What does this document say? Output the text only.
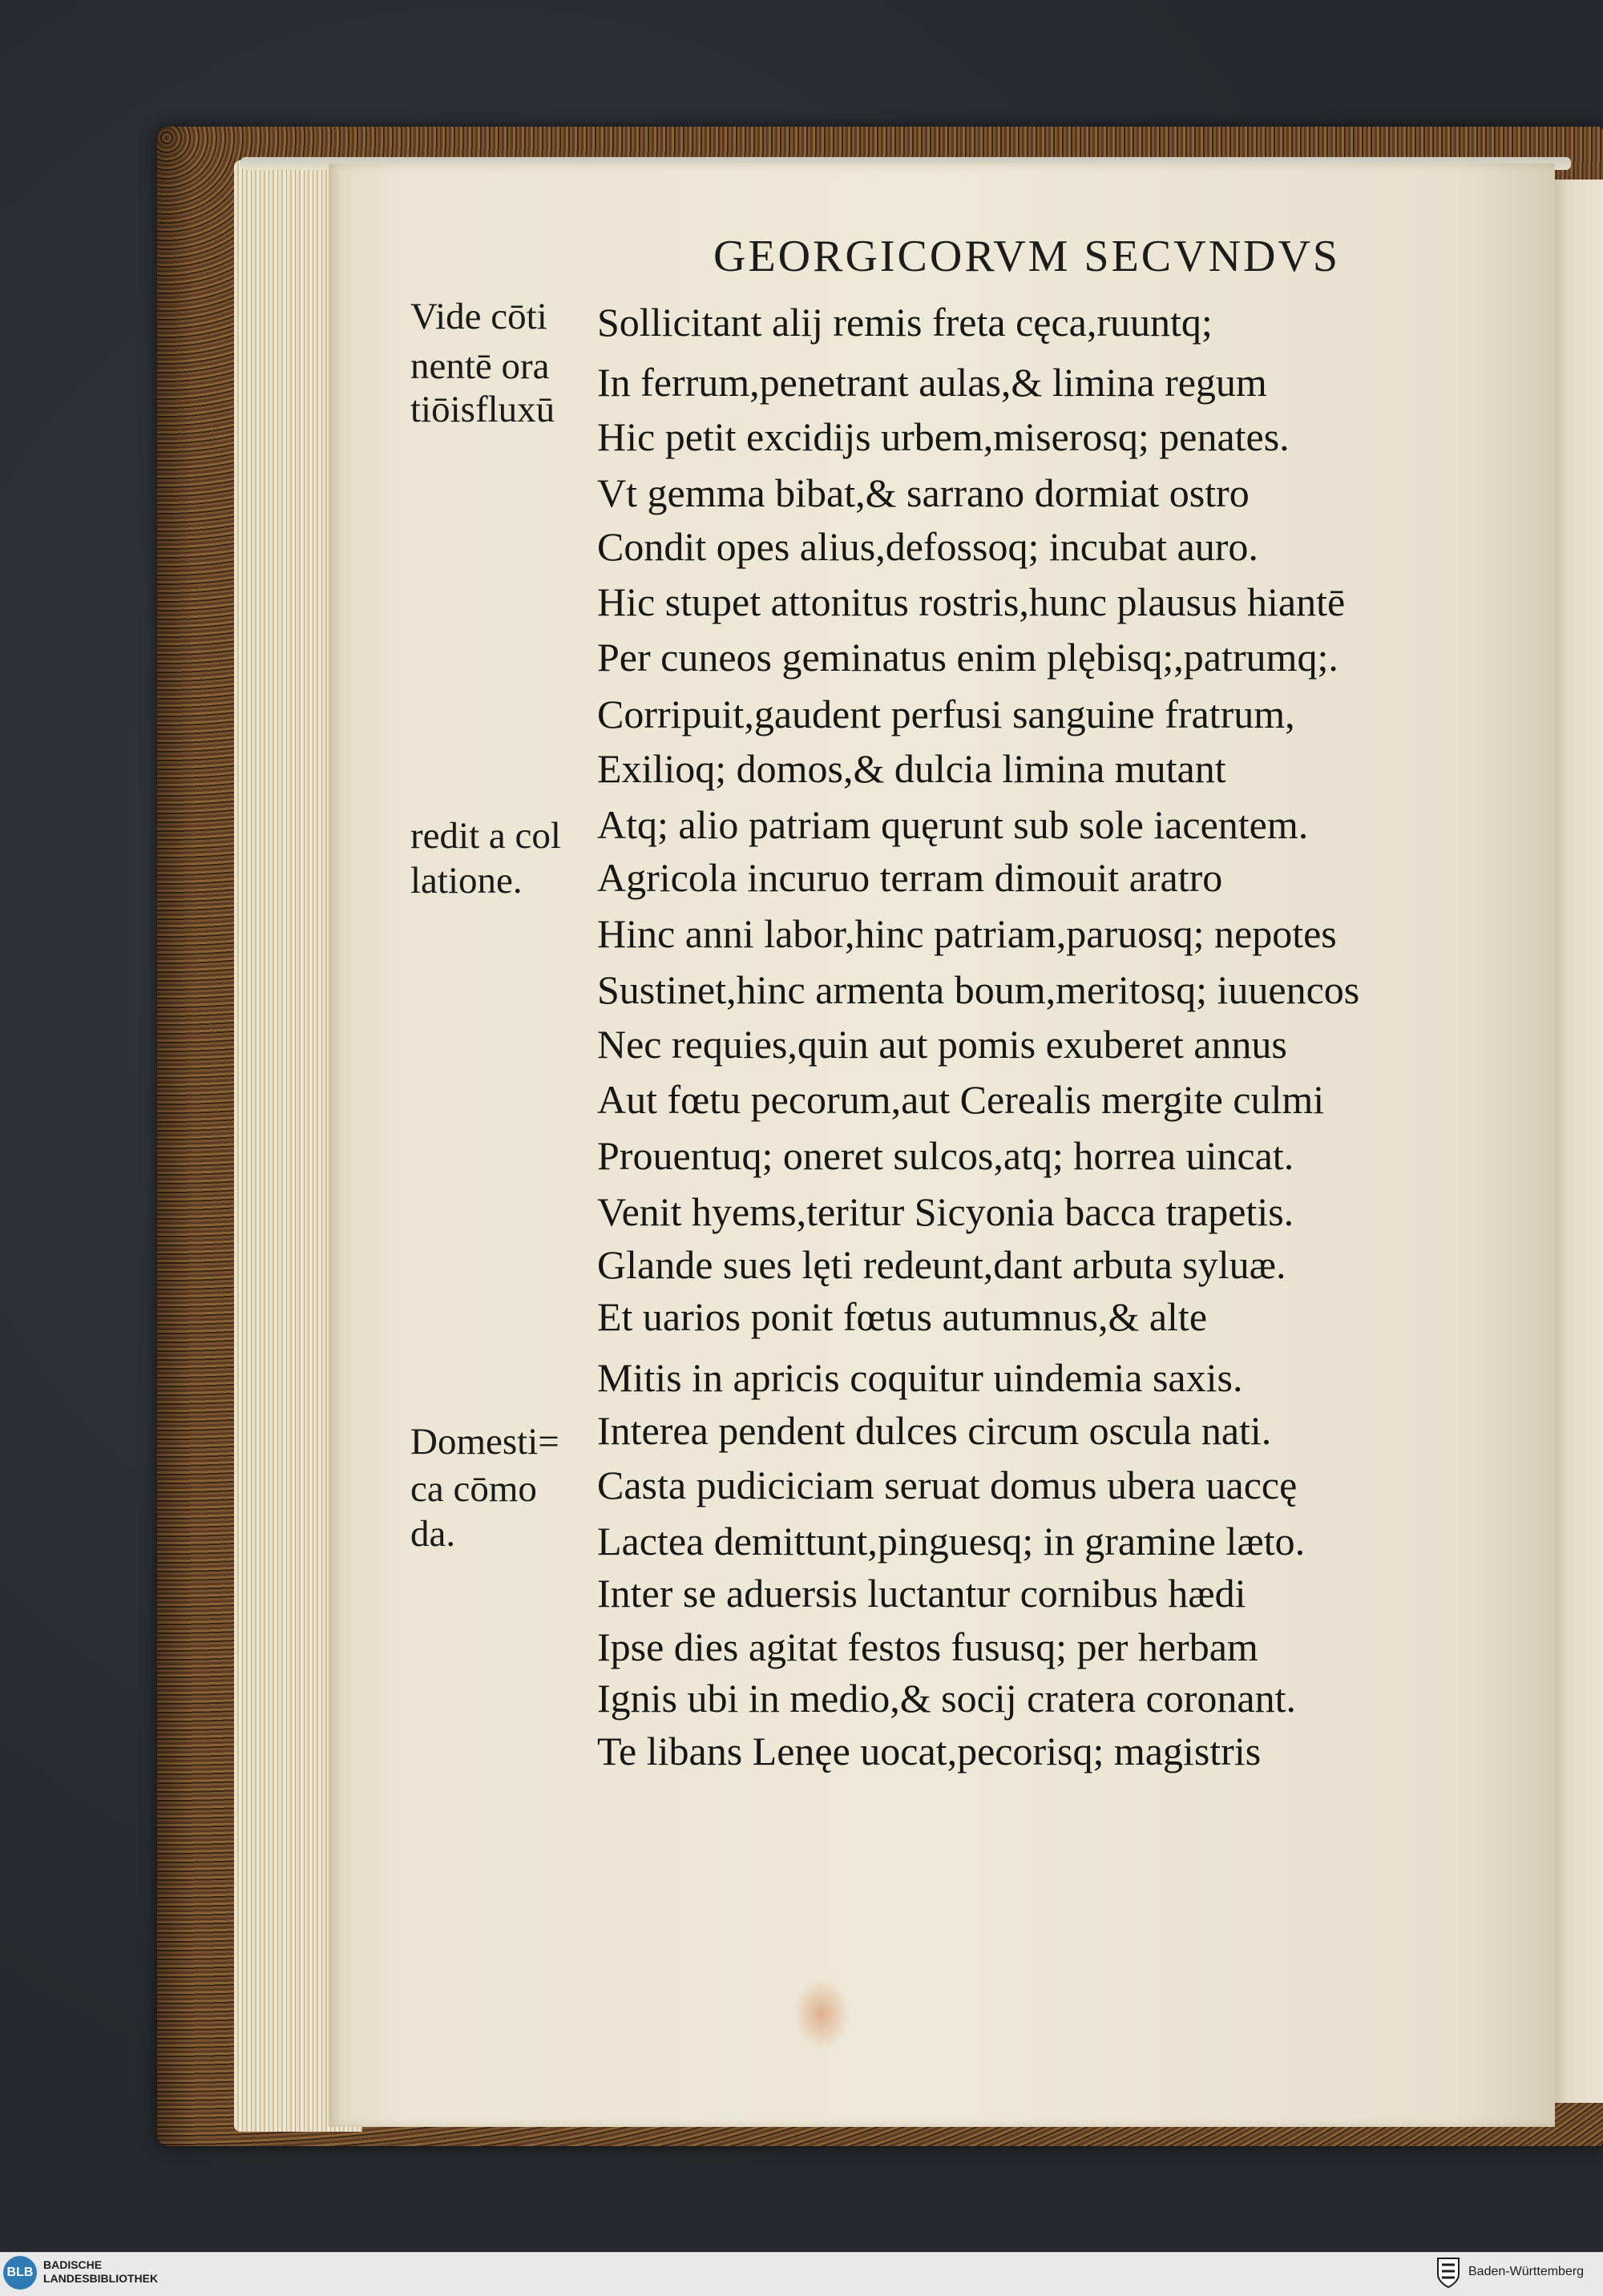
GEORGICORVM SECVNDVS
Sollicitant alij remis freta cęca,ruuntq;
In ferrum,penetrant aulas,& limina regum
Hic petit excidijs urbem,miserosq; penates.
Vt gemma bibat,& sarrano dormiat ostro
Condit opes alius,defossoq; incubat auro.
Hic stupet attonitus rostris,hunc plausus hiantē
Per cuneos geminatus enim plębisq;,patrumq;.
Corripuit,gaudent perfusi sanguine fratrum,
Exilioq; domos,& dulcia limina mutant
Atq; alio patriam quęrunt sub sole iacentem.
Agricola incuruo terram dimouit aratro
Hinc anni labor,hinc patriam,paruosq; nepotes
Sustinet,hinc armenta boum,meritosq; iuuencos
Nec requies,quin aut pomis exuberet annus
Aut fœtu pecorum,aut Cerealis mergite culmi
Prouentuq; oneret sulcos,atq; horrea uincat.
Venit hyems,teritur Sicyonia bacca trapetis.
Glande sues lęti redeunt,dant arbuta syluæ.
Et uarios ponit fœtus autumnus,& alte
Mitis in apricis coquitur uindemia saxis.
Interea pendent dulces circum oscula nati.
Casta pudiciciam seruat domus ubera uaccę
Lactea demittunt,pinguesq; in gramine læto.
Inter se aduersis luctantur cornibus hædi
Ipse dies agitat festos fususq; per herbam
Ignis ubi in medio,& socij cratera coronant.
Te libans Lenęe uocat,pecorisq; magistris
Vide cōti
nentē ora
tiōisfluxū
redit a col
latione.
Domesti=
ca cōmo
da.
BLB
BADISCHE
LANDESBIBLIOTHEK	Baden-Württemberg
